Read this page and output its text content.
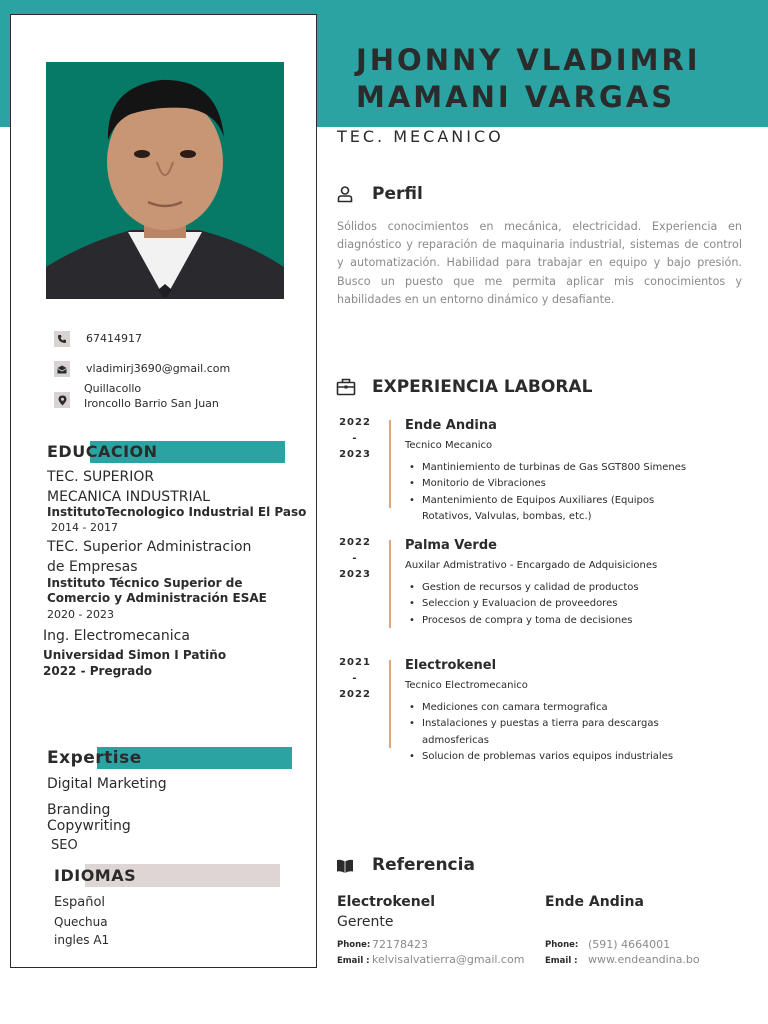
67414917
vladimirj3690@gmail.com
Quillacollo
Ironcollo Barrio San Juan
EDUCACION
TEC. SUPERIOR
MECANICA INDUSTRIAL
InstitutoTecnologico Industrial El Paso
2014 - 2017
TEC. Superior Administracion
de Empresas
Instituto Técnico Superior de
Comercio y Administración ESAE
2020 - 2023
Ing. Electromecanica
Universidad Simon I Patiño
2022 - Pregrado
Expertise
Digital Marketing
Branding
Copywriting
SEO
IDIOMAS
Español
Quechua
ingles A1
JHONNY VLADIMRI
MAMANI VARGAS
TEC. MECANICO
Perfil
Sólidos conocimientos en mecánica, electricidad. Experiencia en diagnóstico y reparación de maquinaria industrial, sistemas de control y automatización. Habilidad para trabajar en equipo y bajo presión. Busco un puesto que me permita aplicar mis conocimientos y habilidades en un entorno dinámico y desafiante.
EXPERIENCIA LABORAL
2022
-
2023
Ende Andina
Tecnico Mecanico
• Mantiniemiento de turbinas de Gas SGT800 Simenes
• Monitorio de Vibraciones
• Mantenimiento de Equipos Auxiliares (Equipos Rotativos, Valvulas, bombas, etc.)
2022
-
2023
Palma Verde
Auxilar Admistrativo - Encargado de Adquisiciones
• Gestion de recursos y calidad de productos
• Seleccion y Evaluacion de proveedores
• Procesos de compra y toma de decisiones
2021
-
2022
Electrokenel
Tecnico Electromecanico
• Mediciones con camara termografica
• Instalaciones y puestas a tierra para descargas admosfericas
• Solucion de problemas varios equipos industriales
Referencia
Electrokenel
Gerente
Phone: 72178423
Email : kelvisalvatierra@gmail.com
Ende Andina
Phone: (591) 4664001
Email : www.endeandina.bo
